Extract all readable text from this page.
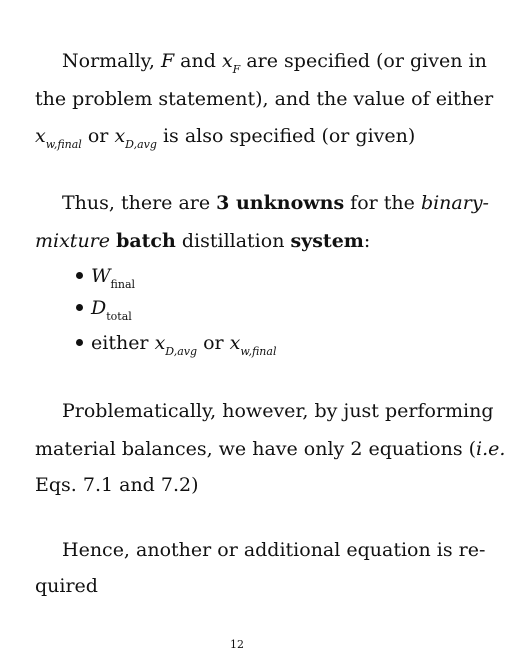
Normally, F and $x_F$ are specified (or given in
the problem statement), and the value of either
$x_{w,final}$ or $x_{D,avg}$ is also specified (or given)
Thus, there are 3 unknowns for the binary-
mixture batch distillation system:
$W_{final}$
$D_{total}$
either $x_{D,avg}$ or $x_{w,final}$
Problematically, however, by just performing
material balances, we have only 2 equations (i.e.
Eqs. 7.1 and 7.2)
Hence, another or additional equation is re-
quired
12
